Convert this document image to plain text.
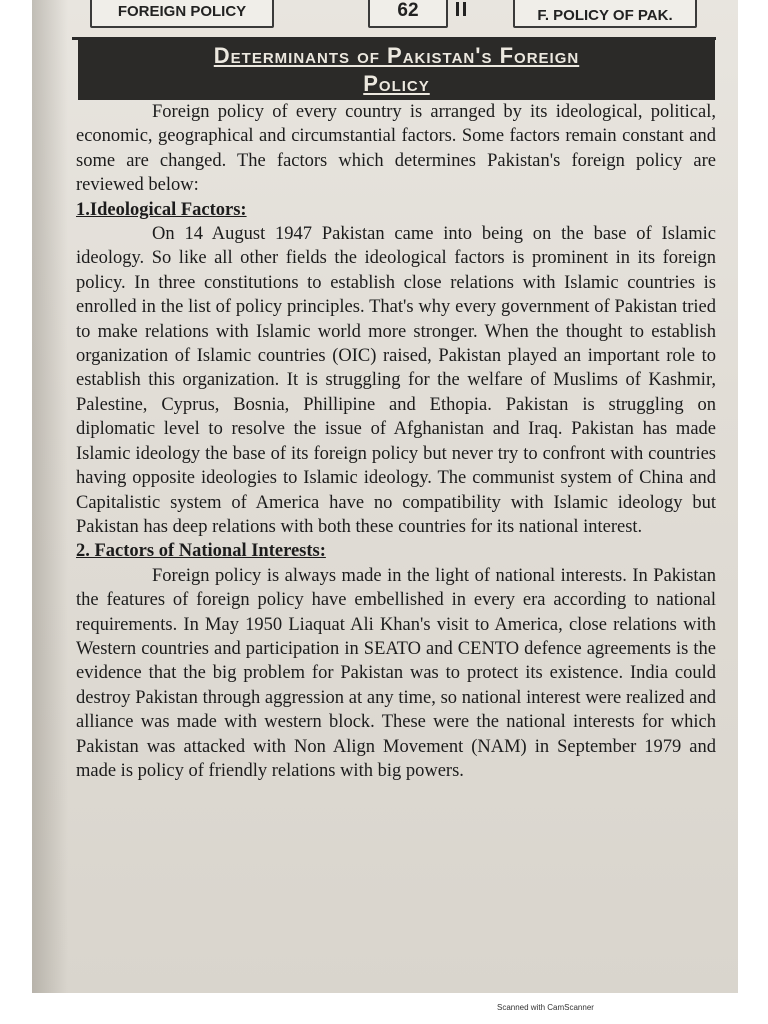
FOREIGN POLICY	62	F. POLICY OF PAK.
Determinants of Pakistan's Foreign
Policy

Foreign policy of every country is arranged by its ideological, political, economic, geographical and circumstantial factors. Some factors remain constant and some are changed. The factors which determines Pakistan's foreign policy are reviewed below:

1.Ideological Factors:

On 14 August 1947 Pakistan came into being on the base of Islamic ideology. So like all other fields the ideological factors is prominent in its foreign policy. In three constitutions to establish close relations with Islamic countries is enrolled in the list of policy principles. That's why every government of Pakistan tried to make relations with Islamic world more stronger. When the thought to establish organization of Islamic countries (OIC) raised, Pakistan played an important role to establish this organization. It is struggling for the welfare of Muslims of Kashmir, Palestine, Cyprus, Bosnia, Phillipine and Ethopia. Pakistan is struggling on diplomatic level to resolve the issue of Afghanistan and Iraq. Pakistan has made Islamic ideology the base of its foreign policy but never try to confront with countries having opposite ideologies to Islamic ideology. The communist system of China and Capitalistic system of America have no compatibility with Islamic ideology but Pakistan has deep relations with both these countries for its national interest.

2. Factors of National Interests:

Foreign policy is always made in the light of national interests. In Pakistan the features of foreign policy have embellished in every era according to national requirements. In May 1950 Liaquat Ali Khan's visit to America, close relations with Western countries and participation in SEATO and CENTO defence agreements is the evidence that the big problem for Pakistan was to protect its existence. India could destroy Pakistan through aggression at any time, so national interest were realized and alliance was made with western block. These were the national interests for which Pakistan was attacked with Non Align Movement (NAM) in September 1979 and made is policy of friendly relations with big powers.

Scanned with CamScanner
